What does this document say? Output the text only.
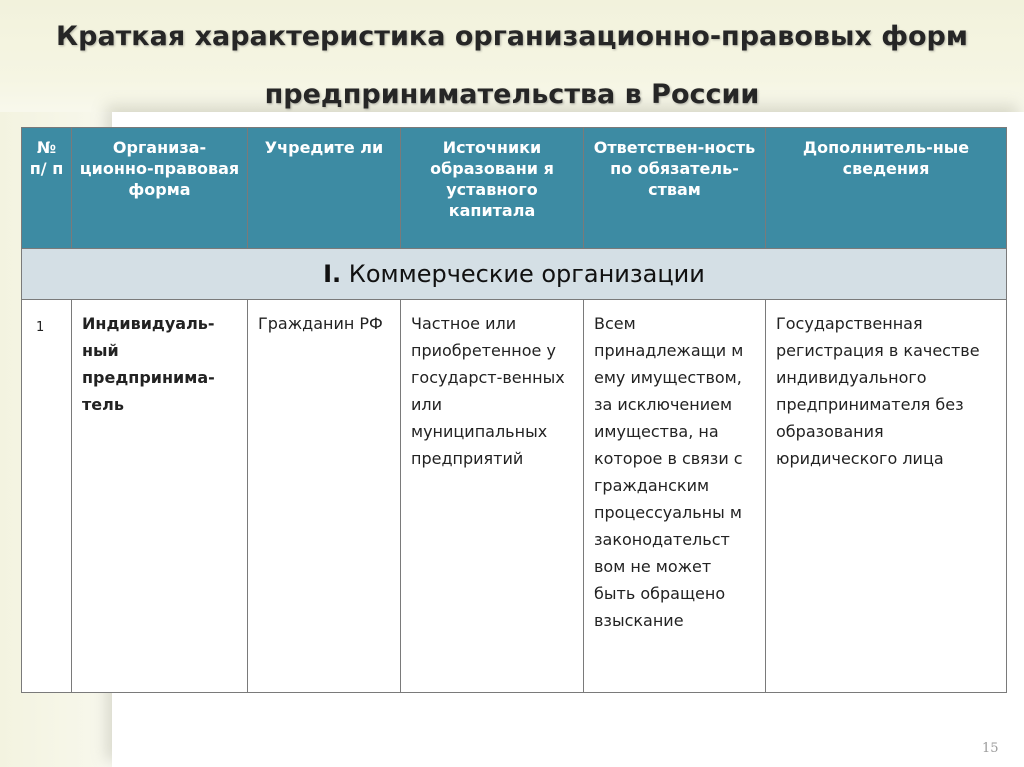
Краткая характеристика организационно-правовых форм
предпринимательства в России
№ п/ п	Организа-ционно-правовая форма	Учредите ли	Источники образовани я уставного капитала	Ответствен-ность по обязатель-ствам	Дополнитель-ные сведения
I. Коммерческие организации					
1	Индивидуаль-ный предпринима-тель	Гражданин РФ	Частное или приобретенное у государст-венных или муниципальных предприятий	Всем принадлежащи м ему имуществом, за исключением имущества, на которое в связи с гражданским процессуальны м законодательст вом не может быть обращено взыскание	Государственная регистрация в качестве индивидуального предпринимателя без образования юридического лица
15
